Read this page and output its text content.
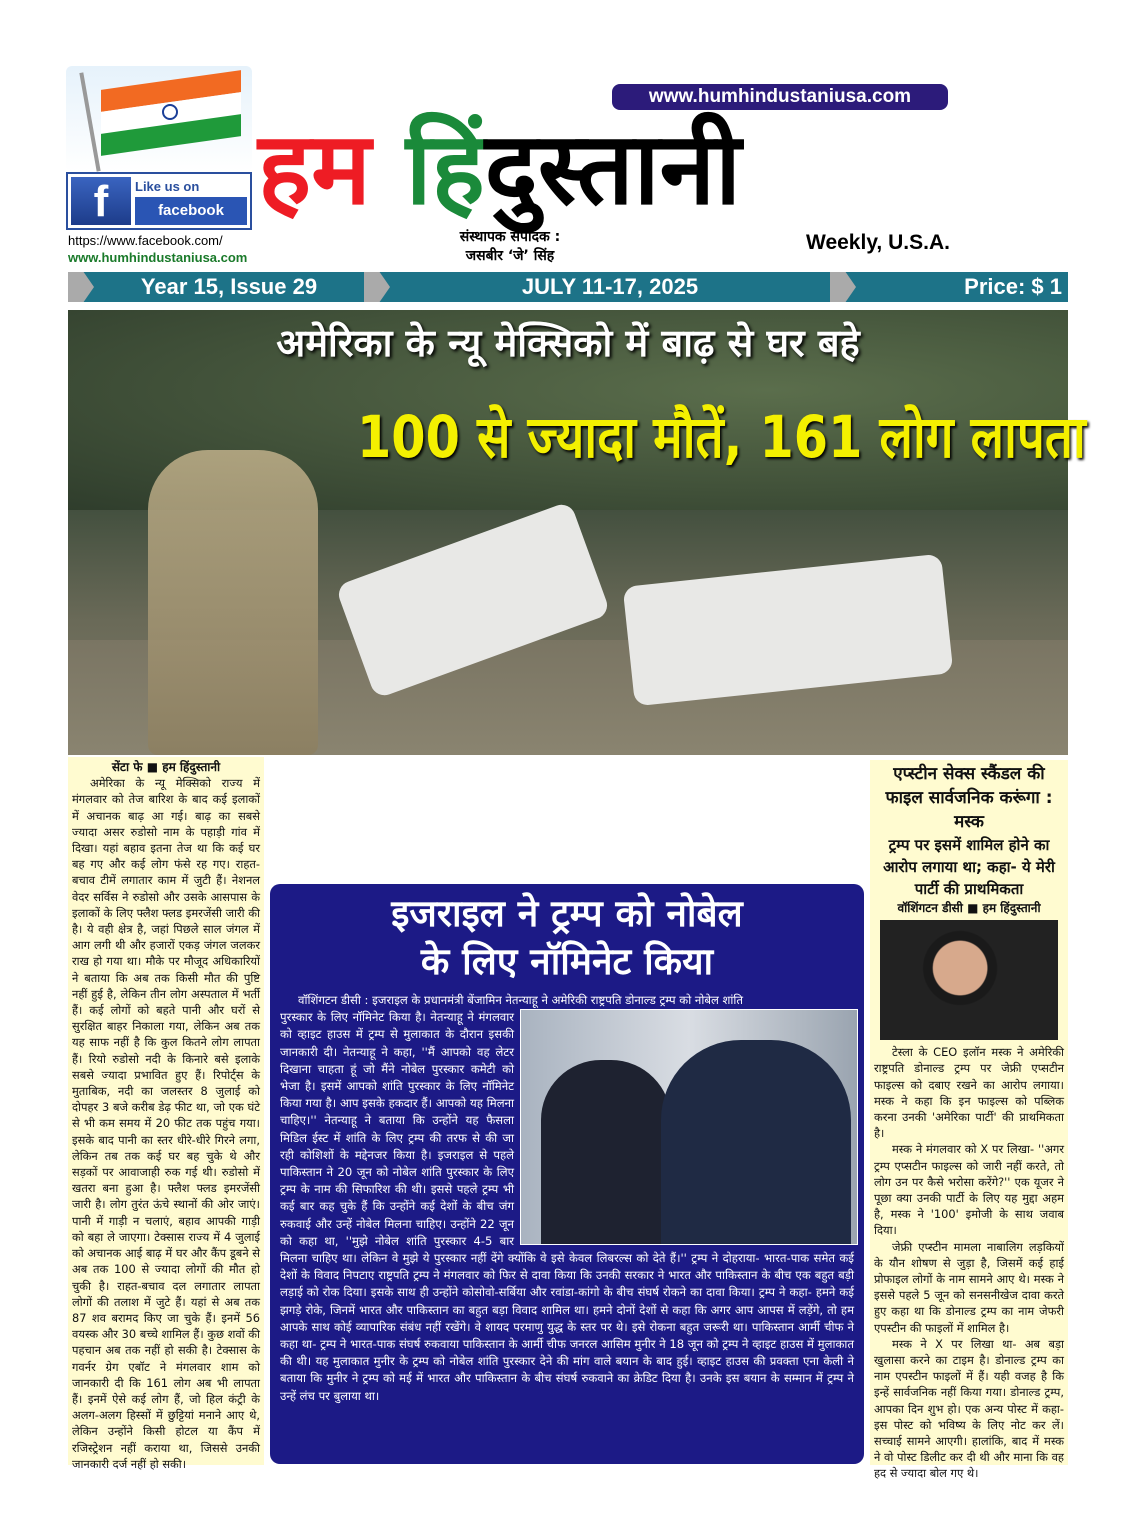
f	Like us on
facebook
https://www.facebook.com/
www.humhindustaniusa.com
हम हिंदुस्तानी
www.humhindustaniusa.com
संस्थापक संपादक :
जसबीर ‘जे’ सिंह
Weekly, U.S.A.
Year 15, Issue 29	JULY 11-17, 2025	Price: $ 1
अमेरिका के न्यू मेक्सिको में बाढ़ से घर बहे
100 से ज्यादा मौतें, 161 लोग लापता
सेंटा फे ■ हम हिंदुस्तानी

अमेरिका के न्यू मेक्सिको राज्य में मंगलवार को तेज बारिश के बाद कई इलाकों में अचानक बाढ़ आ गई। बाढ़ का सबसे ज्यादा असर रुडोसो नाम के पहाड़ी गांव में दिखा। यहां बहाव इतना तेज था कि कई घर बह गए और कई लोग फंसे रह गए। राहत-बचाव टीमें लगातार काम में जुटी हैं। नेशनल वेदर सर्विस ने रुडोसो और उसके आसपास के इलाकों के लिए फ्लैश फ्लड इमरजेंसी जारी की है। ये वही क्षेत्र है, जहां पिछले साल जंगल में आग लगी थी और हजारों एकड़ जंगल जलकर राख हो गया था। मौके पर मौजूद अधिकारियों ने बताया कि अब तक किसी मौत की पुष्टि नहीं हुई है, लेकिन तीन लोग अस्पताल में भर्ती हैं। कई लोगों को बहते पानी और घरों से सुरक्षित बाहर निकाला गया, लेकिन अब तक यह साफ नहीं है कि कुल कितने लोग लापता हैं। रियो रुडोसो नदी के किनारे बसे इलाके सबसे ज्यादा प्रभावित हुए हैं। रिपोर्ट्स के मुताबिक, नदी का जलस्तर 8 जुलाई को दोपहर 3 बजे करीब डेढ़ फीट था, जो एक घंटे से भी कम समय में 20 फीट तक पहुंच गया। इसके बाद पानी का स्तर धीरे-धीरे गिरने लगा, लेकिन तब तक कई घर बह चुके थे और सड़कों पर आवाजाही रुक गई थी। रुडोसो में खतरा बना हुआ है। फ्लैश फ्लड इमरजेंसी जारी है। लोग तुरंत ऊंचे स्थानों की ओर जाएं। पानी में गाड़ी न चलाएं, बहाव आपकी गाड़ी को बहा ले जाएगा। टेक्सास राज्य में 4 जुलाई को अचानक आई बाढ़ में घर और कैंप डूबने से अब तक 100 से ज्यादा लोगों की मौत हो चुकी है। राहत-बचाव दल लगातार लापता लोगों की तलाश में जुटे हैं। यहां से अब तक 87 शव बरामद किए जा चुके हैं। इनमें 56 वयस्क और 30 बच्चे शामिल हैं। कुछ शवों की पहचान अब तक नहीं हो सकी है। टेक्सास के गवर्नर ग्रेग एबॉट ने मंगलवार शाम को जानकारी दी कि 161 लोग अब भी लापता हैं। इनमें ऐसे कई लोग हैं, जो हिल कंट्री के अलग-अलग हिस्सों में छुट्टियां मनाने आए थे, लेकिन उन्होंने किसी होटल या कैंप में रजिस्ट्रेशन नहीं कराया था, जिससे उनकी जानकारी दर्ज नहीं हो सकी।

एप्स्टीन सेक्स स्कैंडल की फाइल सार्वजनिक करूंगा : मस्क
ट्रम्प पर इसमें शामिल होने का आरोप लगाया था; कहा- ये मेरी पार्टी की प्राथमिकता
वॉशिंगटन डीसी ■ हम हिंदुस्तानी

टेस्ला के CEO इलॉन मस्क ने अमेरिकी राष्ट्रपति डोनाल्ड ट्रम्प पर जेफ्री एप्सटीन फाइल्स को दबाए रखने का आरोप लगाया। मस्क ने कहा कि इन फाइल्स को पब्लिक करना उनकी 'अमेरिका पार्टी' की प्राथमिकता है।

मस्क ने मंगलवार को X पर लिखा- ''अगर ट्रम्प एप्सटीन फाइल्स को जारी नहीं करते, तो लोग उन पर कैसे भरोसा करेंगे?'' एक यूजर ने पूछा क्या उनकी पार्टी के लिए यह मुद्दा अहम है, मस्क ने '100' इमोजी के साथ जवाब दिया।

जेफ्री एप्स्टीन मामला नाबालिग लड़कियों के यौन शोषण से जुड़ा है, जिसमें कई हाई प्रोफाइल लोगों के नाम सामने आए थे। मस्क ने इससे पहले 5 जून को सनसनीखेज दावा करते हुए कहा था कि डोनाल्ड ट्रम्प का नाम जेफरी एपस्टीन की फाइलों में शामिल है।

मस्क ने X पर लिखा था- अब बड़ा खुलासा करने का टाइम है। डोनाल्ड ट्रम्प का नाम एपस्टीन फाइलों में हैं। यही वजह है कि इन्हें सार्वजनिक नहीं किया गया। डोनाल्ड ट्रम्प, आपका दिन शुभ हो। एक अन्य पोस्ट में कहा- इस पोस्ट को भविष्य के लिए नोट कर लें। सच्चाई सामने आएगी। हालांकि, बाद में मस्क ने वो पोस्ट डिलीट कर दी थी और माना कि वह हद से ज्यादा बोल गए थे।

इजराइल ने ट्रम्प को नोबेल
के लिए नॉमिनेट किया

वॉशिंगटन डीसी : इजराइल के प्रधानमंत्री बेंजामिन नेतन्याहू ने अमेरिकी राष्ट्रपति डोनाल्ड ट्रम्प को नोबेल शांति

पुरस्कार के लिए नॉमिनेट किया है। नेतन्याहू ने मंगलवार को व्हाइट हाउस में ट्रम्प से मुलाकात के दौरान इसकी जानकारी दी। नेतन्याहू ने कहा, ''मैं आपको वह लेटर दिखाना चाहता हूं जो मैंने नोबेल पुरस्कार कमेटी को भेजा है। इसमें आपको शांति पुरस्कार के लिए नॉमिनेट किया गया है। आप इसके हकदार हैं। आपको यह मिलना चाहिए।'' नेतन्याहू ने बताया कि उन्होंने यह फैसला मिडिल ईस्ट में शांति के लिए ट्रम्प की तरफ से की जा रही कोशिशों के मद्देनजर किया है। इजराइल से पहले पाकिस्तान ने 20 जून को नोबेल शांति पुरस्कार के लिए ट्रम्प के नाम की सिफारिश की थी। इससे पहले ट्रम्प भी कई बार कह चुके हैं कि उन्होंने कई देशों के बीच जंग रुकवाई और उन्हें नोबेल मिलना चाहिए। उन्होंने 22 जून को कहा था, ''मुझे नोबेल शांति पुरस्कार 4-5 बार मिलना चाहिए था। लेकिन वे मुझे ये पुरस्कार नहीं देंगे क्योंकि वे इसे केवल लिबरल्स को देते हैं।'' ट्रम्प ने दोहराया- भारत-पाक समेत कई देशों के विवाद निपटाए राष्ट्रपति ट्रम्प ने मंगलवार को फिर से दावा किया कि उनकी सरकार ने भारत और पाकिस्तान के बीच एक बहुत बड़ी लड़ाई को रोक दिया। इसके साथ ही उन्होंने कोसोवो-सर्बिया और रवांडा-कांगो के बीच संघर्ष रोकने का दावा किया। ट्रम्प ने कहा- हमने कई झगड़े रोके, जिनमें भारत और पाकिस्तान का बहुत बड़ा विवाद शामिल था। हमने दोनों देशों से कहा कि अगर आप आपस में लड़ेंगे, तो हम आपके साथ कोई व्यापारिक संबंध नहीं रखेंगे। वे शायद परमाणु युद्ध के स्तर पर थे। इसे रोकना बहुत जरूरी था। पाकिस्तान आर्मी चीफ ने कहा था- ट्रम्प ने भारत-पाक संघर्ष रुकवाया पाकिस्तान के आर्मी चीफ जनरल आसिम मुनीर ने 18 जून को ट्रम्प ने व्हाइट हाउस में मुलाकात की थी। यह मुलाकात मुनीर के ट्रम्प को नोबेल शांति पुरस्कार देने की मांग वाले बयान के बाद हुई। व्हाइट हाउस की प्रवक्ता एना केली ने बताया कि मुनीर ने ट्रम्प को मई में भारत और पाकिस्तान के बीच संघर्ष रुकवाने का क्रेडिट दिया है। उनके इस बयान के सम्मान में ट्रम्प ने उन्हें लंच पर बुलाया था।
